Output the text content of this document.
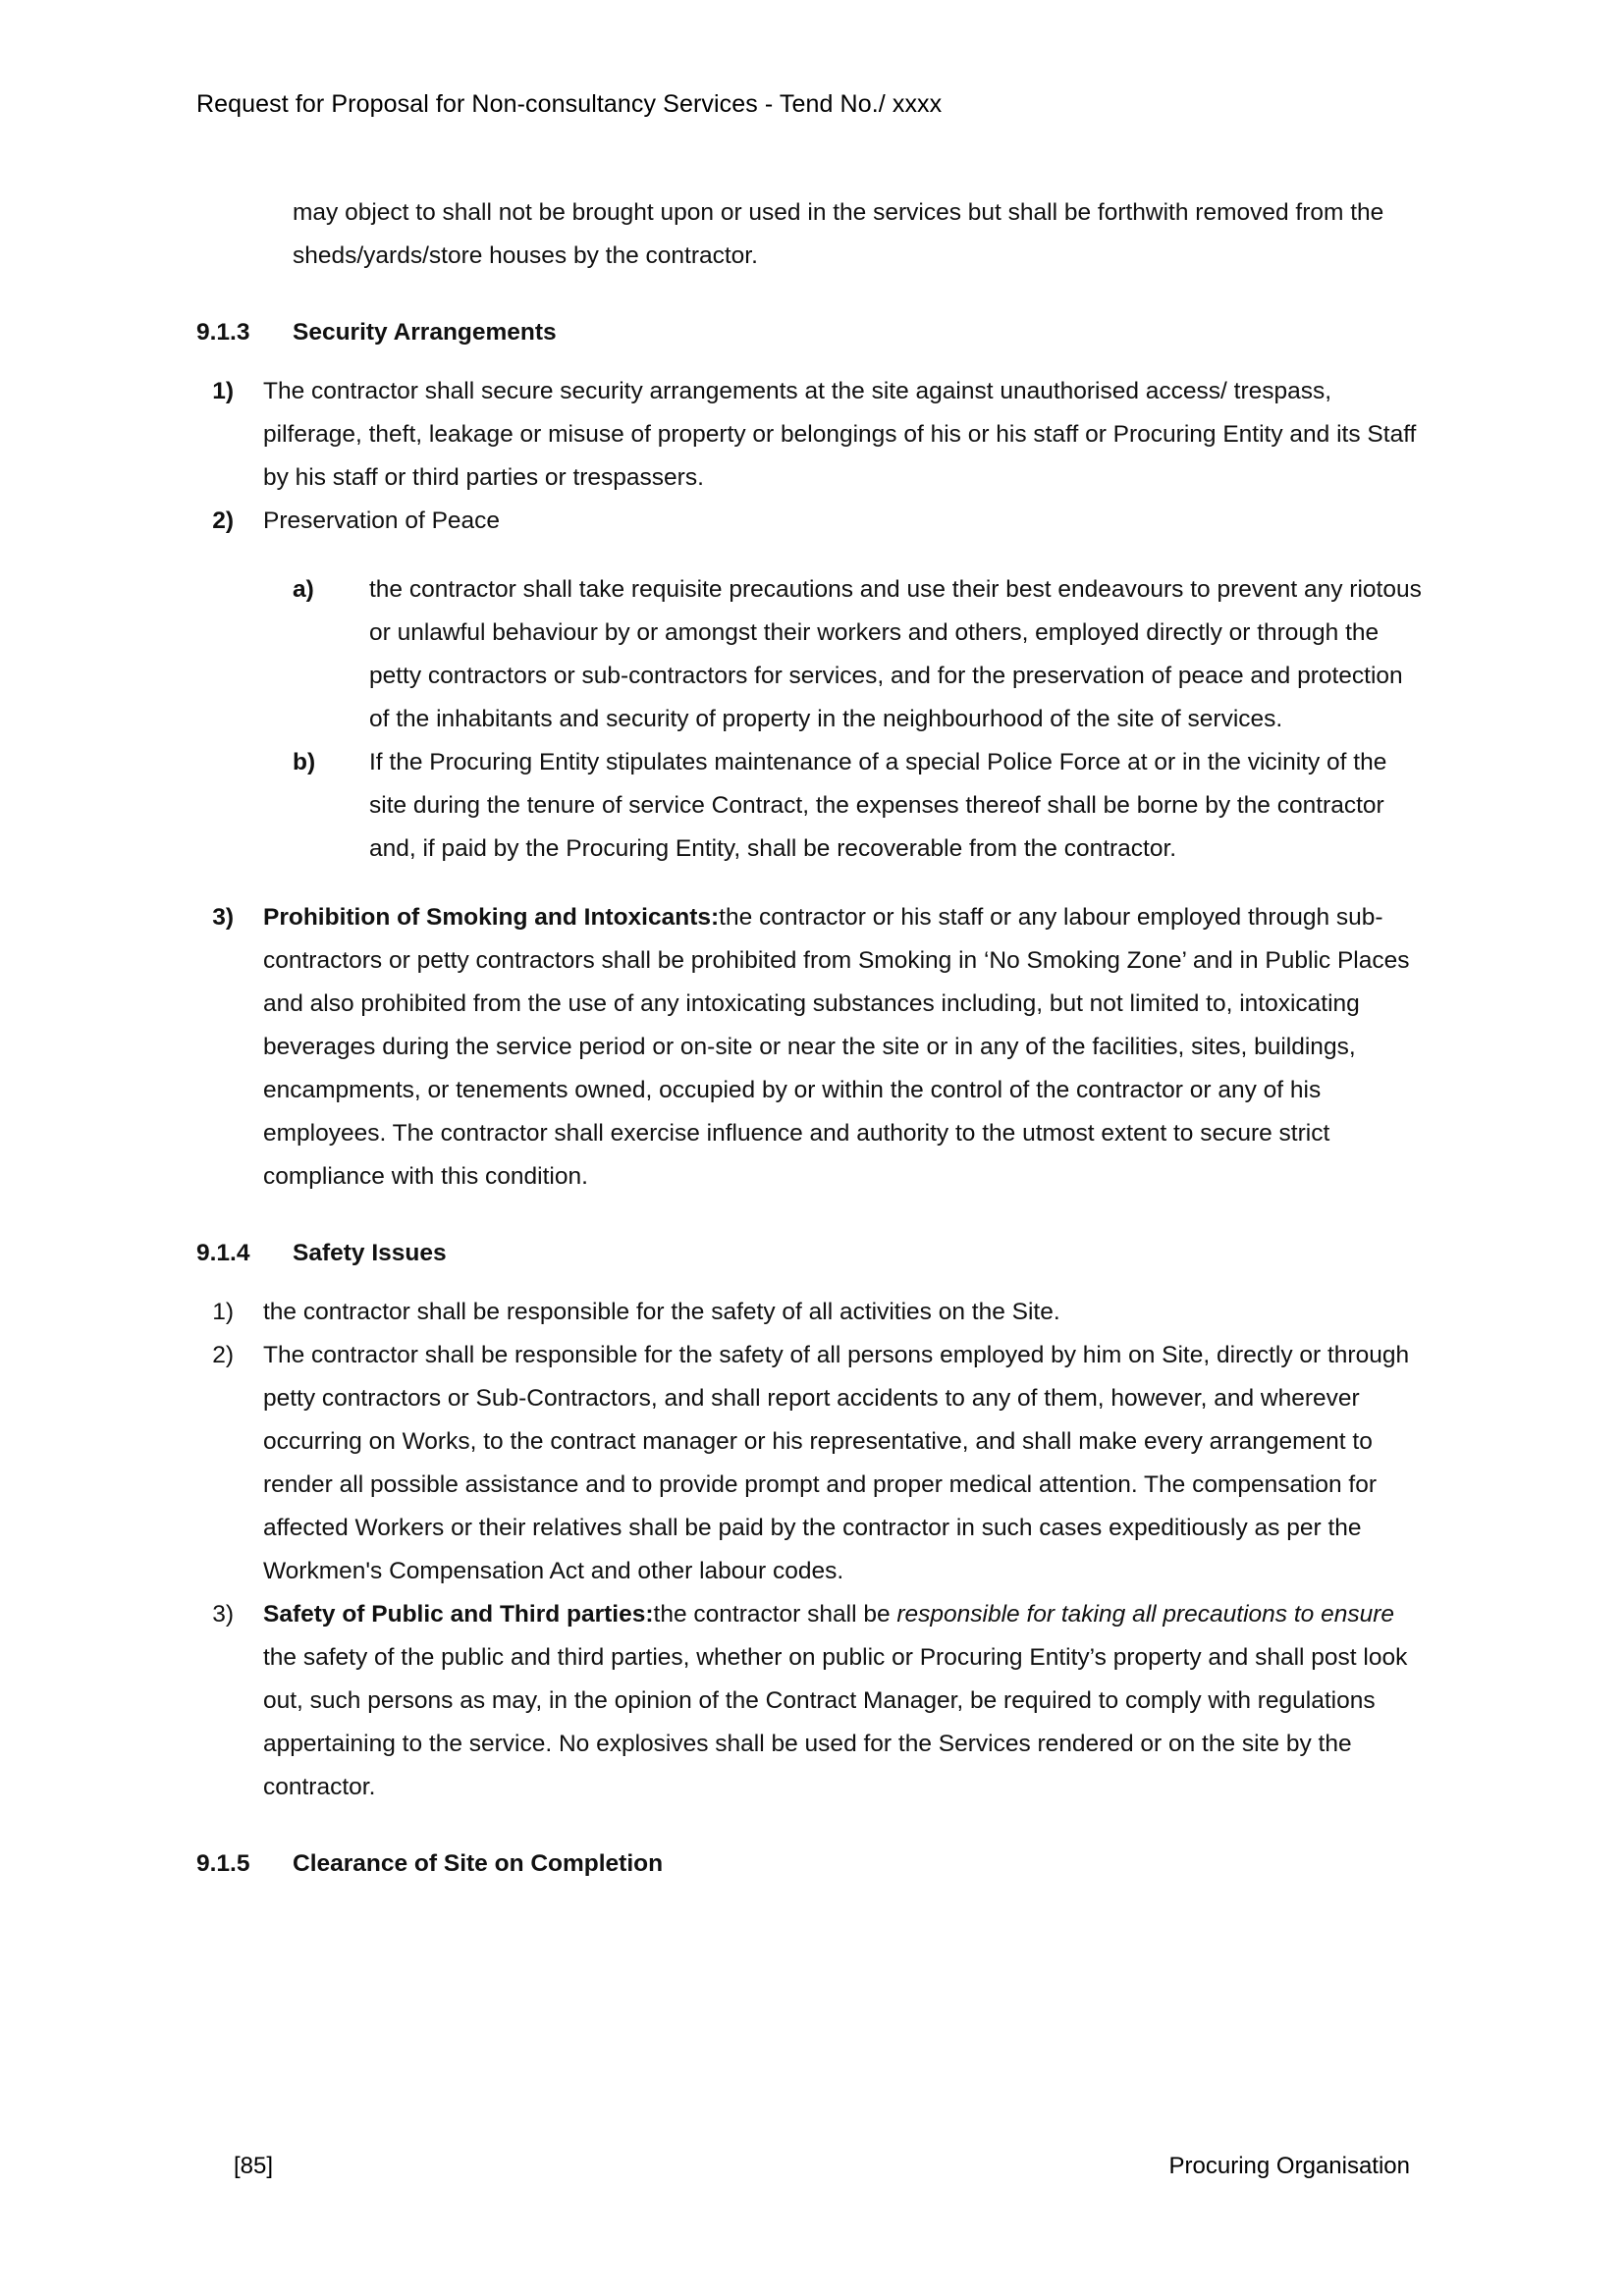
Request for Proposal for Non-consultancy Services - Tend No./ xxxx

may object to shall not be brought upon or used in the services but shall be forthwith removed from the sheds/yards/store houses by the contractor.

9.1.3	Security Arrangements
1)	The contractor shall secure security arrangements at the site against unauthorised access/ trespass, pilferage, theft, leakage or misuse of property or belongings of his or his staff or Procuring Entity and its Staff by his staff or third parties or trespassers.
2)	Preservation of Peace
a)	the contractor shall take requisite precautions and use their best endeavours to prevent any riotous or unlawful behaviour by or amongst their workers and others, employed directly or through the petty contractors or sub-contractors for services, and for the preservation of peace and protection of the inhabitants and security of property in the neighbourhood of the site of services.
b)	If the Procuring Entity stipulates maintenance of a special Police Force at or in the vicinity of the site during the tenure of service Contract, the expenses thereof shall be borne by the contractor and, if paid by the Procuring Entity, shall be recoverable from the contractor.
3)	Prohibition of Smoking and Intoxicants:the contractor or his staff or any labour employed through sub-contractors or petty contractors shall be prohibited from Smoking in ‘No Smoking Zone’ and in Public Places and also prohibited from the use of any intoxicating substances including, but not limited to, intoxicating beverages during the service period or on-site or near the site or in any of the facilities, sites, buildings, encampments, or tenements owned, occupied by or within the control of the contractor or any of his employees. The contractor shall exercise influence and authority to the utmost extent to secure strict compliance with this condition.
9.1.4	Safety Issues
1)	the contractor shall be responsible for the safety of all activities on the Site.
2)	The contractor shall be responsible for the safety of all persons employed by him on Site, directly or through petty contractors or Sub-Contractors, and shall report accidents to any of them, however, and wherever occurring on Works, to the contract manager or his representative, and shall make every arrangement to render all possible assistance and to provide prompt and proper medical attention. The compensation for affected Workers or their relatives shall be paid by the contractor in such cases expeditiously as per the Workmen's Compensation Act and other labour codes.
3)	Safety of Public and Third parties:the contractor shall be responsible for taking all precautions to ensure the safety of the public and third parties, whether on public or Procuring Entity’s property and shall post look out, such persons as may, in the opinion of the Contract Manager, be required to comply with regulations appertaining to the service. No explosives shall be used for the Services rendered or on the site by the contractor.
9.1.5	Clearance of Site on Completion
[85]	Procuring Organisation
